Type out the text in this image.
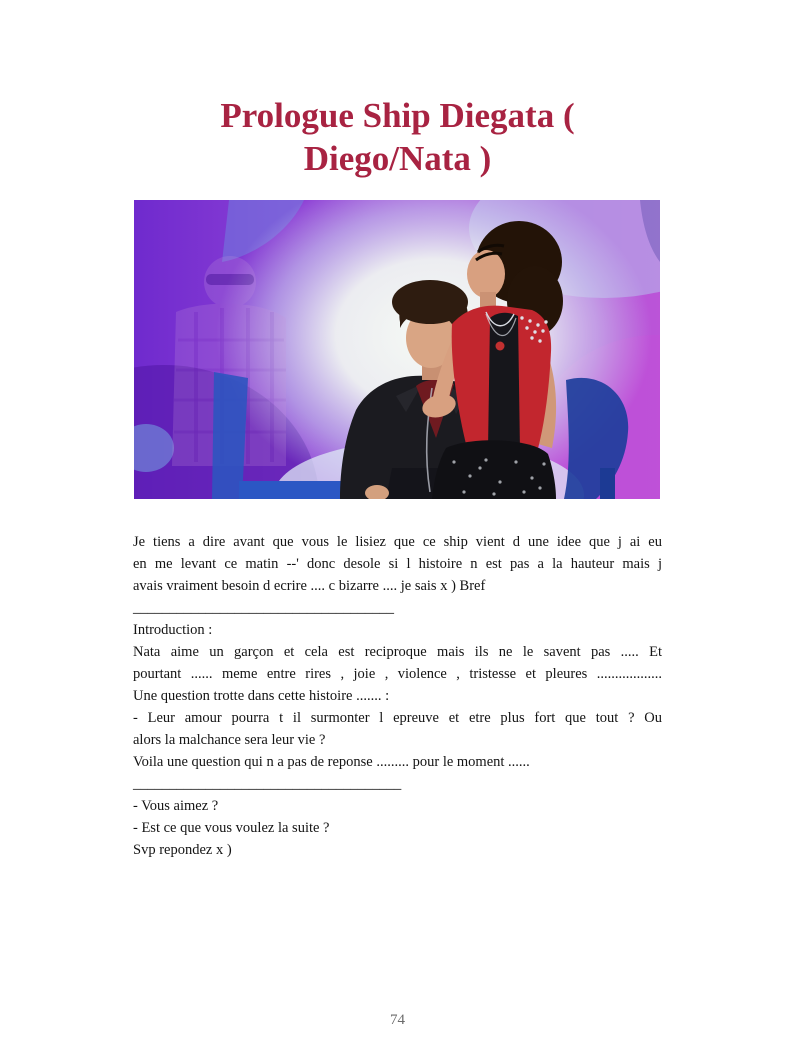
Prologue Ship Diegata ( Diego/Nata )
Je tiens a dire avant que vous le lisiez que ce ship vient d une idee que j ai eu
en me levant ce matin --' donc desole si l histoire n est pas a la hauteur mais j
avais vraiment besoin d ecrire .... c bizarre .... je sais x ) Bref
____________________________________
Introduction :
Nata aime un garçon et cela est reciproque mais ils ne le savent pas ..... Et
pourtant ...... meme entre rires , joie , violence , tristesse et pleures ..................
Une question trotte dans cette histoire ....... :
- Leur amour pourra t il surmonter l epreuve et etre plus fort que tout ? Ou
alors la malchance sera leur vie ?
Voila une question qui n a pas de reponse ......... pour le moment ......
_____________________________________
- Vous aimez ?
- Est ce que vous voulez la suite ?
Svp repondez x )
74
